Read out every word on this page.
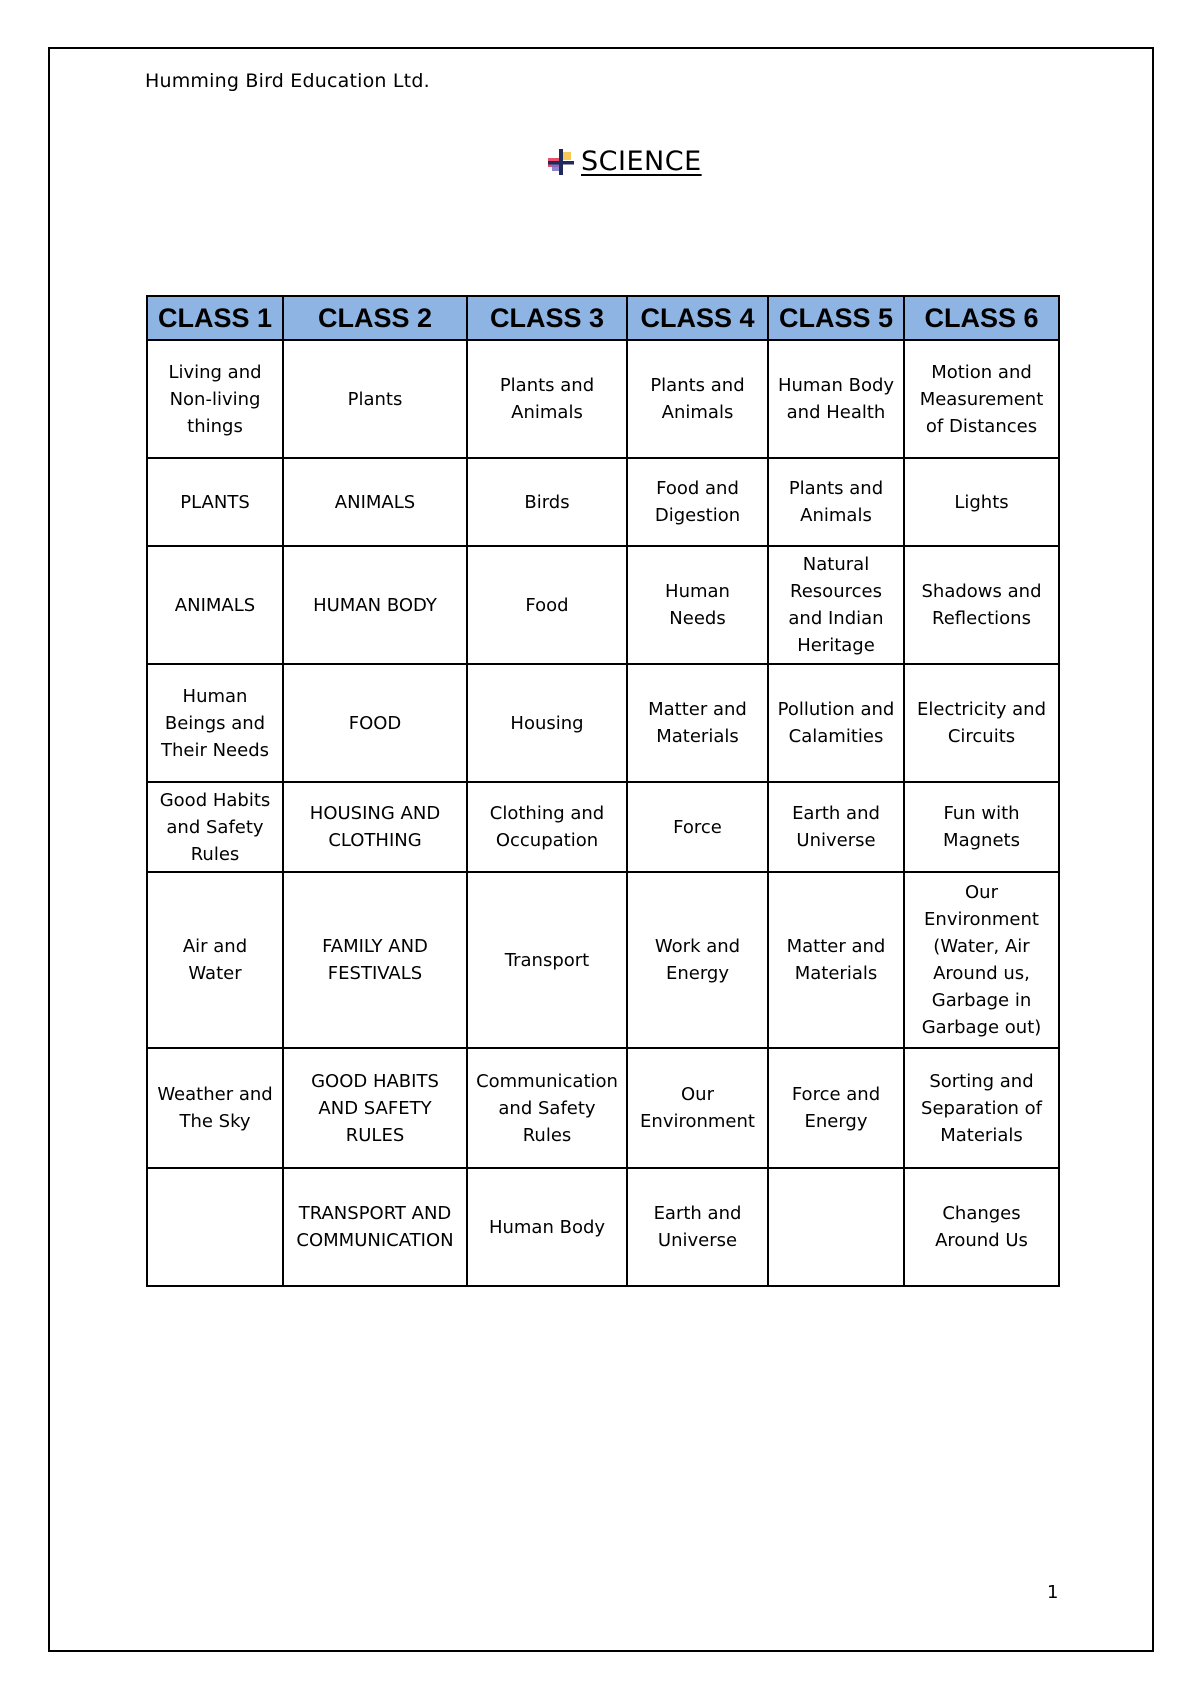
Humming Bird Education Ltd.
SCIENCE
CLASS 1	CLASS 2	CLASS 3	CLASS 4	CLASS 5	CLASS 6
Living and Non-living things	Plants	Plants and Animals	Plants and Animals	Human Body and Health	Motion and Measurement of Distances
PLANTS	ANIMALS	Birds	Food and Digestion	Plants and Animals	Lights
ANIMALS	HUMAN BODY	Food	Human Needs	Natural Resources and Indian Heritage	Shadows and Reflections
Human Beings and Their Needs	FOOD	Housing	Matter and Materials	Pollution and Calamities	Electricity and Circuits
Good Habits and Safety Rules	HOUSING AND CLOTHING	Clothing and Occupation	Force	Earth and Universe	Fun with Magnets
Air and Water	FAMILY AND FESTIVALS	Transport	Work and Energy	Matter and Materials	Our Environment (Water, Air Around us, Garbage in Garbage out)
Weather and The Sky	GOOD HABITS AND SAFETY RULES	Communication and Safety Rules	Our Environment	Force and Energy	Sorting and Separation of Materials
	TRANSPORT AND COMMUNICATION	Human Body	Earth and Universe		Changes Around Us
1
